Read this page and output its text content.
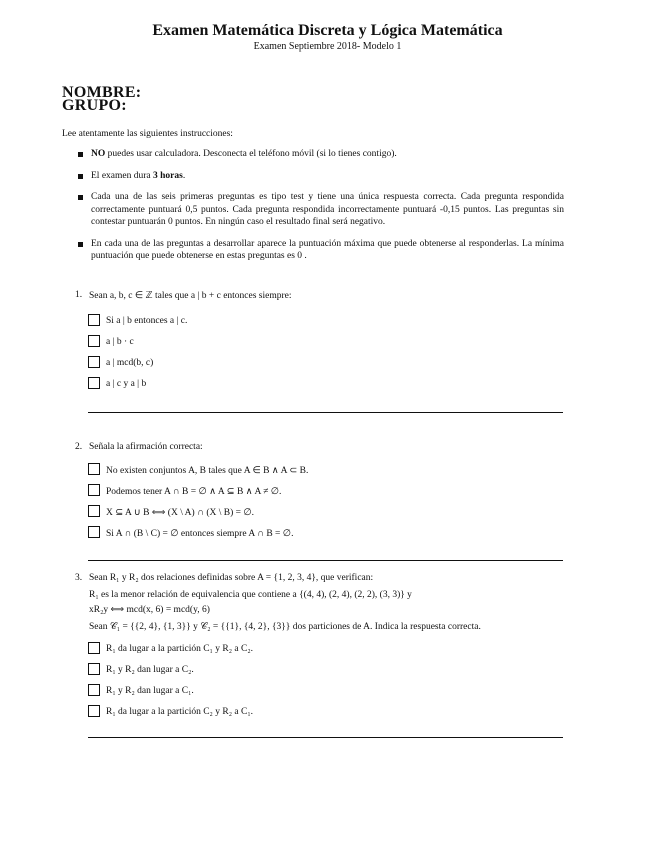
Examen Matemática Discreta y Lógica Matemática
Examen Septiembre 2018- Modelo 1
NOMBRE:
GRUPO:
Lee atentamente las siguientes instrucciones:
NO puedes usar calculadora. Desconecta el teléfono móvil (si lo tienes contigo).
El examen dura 3 horas.
Cada una de las seis primeras preguntas es tipo test y tiene una única respuesta correcta. Cada pregunta respondida correctamente puntuará 0,5 puntos. Cada pregunta respondida incorrectamente puntuará -0,15 puntos. Las preguntas sin contestar puntuarán 0 puntos. En ningún caso el resultado final será negativo.
En cada una de las preguntas a desarrollar aparece la puntuación máxima que puede obtenerse al responderlas. La mínima puntuación que puede obtenerse en estas preguntas es 0 .
1. Sean a, b, c ∈ ℤ tales que a | b + c entonces siempre:
Si a | b entonces a | c.
a | b · c
a | mcd(b, c)
a | c y a | b
2. Señala la afirmación correcta:
No existen conjuntos A, B tales que A ∈ B ∧ A ⊂ B.
Podemos tener A ∩ B = ∅ ∧ A ⊆ B ∧ A ≠ ∅.
X ⊆ A ∪ B ⟺ (X \ A) ∩ (X \ B) = ∅.
Si A ∩ (B \ C) = ∅ entonces siempre A ∩ B = ∅.
3. Sean R₁ y R₂ dos relaciones definidas sobre A = {1, 2, 3, 4}, que verifican:
R₁ es la menor relación de equivalencia que contiene a {(4, 4), (2, 4), (2, 2), (3, 3)} y
xR₂y ⟺ mcd(x, 6) = mcd(y, 6)
Sean 𝒞₁ = {{2, 4}, {1, 3}} y 𝒞₂ = {{1}, {4, 2}, {3}} dos particiones de A. Indica la respuesta correcta.
R₁ da lugar a la partición C₁ y R₂ a C₂.
R₁ y R₂ dan lugar a C₂.
R₁ y R₂ dan lugar a C₁.
R₁ da lugar a la partición C₂ y R₂ a C₁.
